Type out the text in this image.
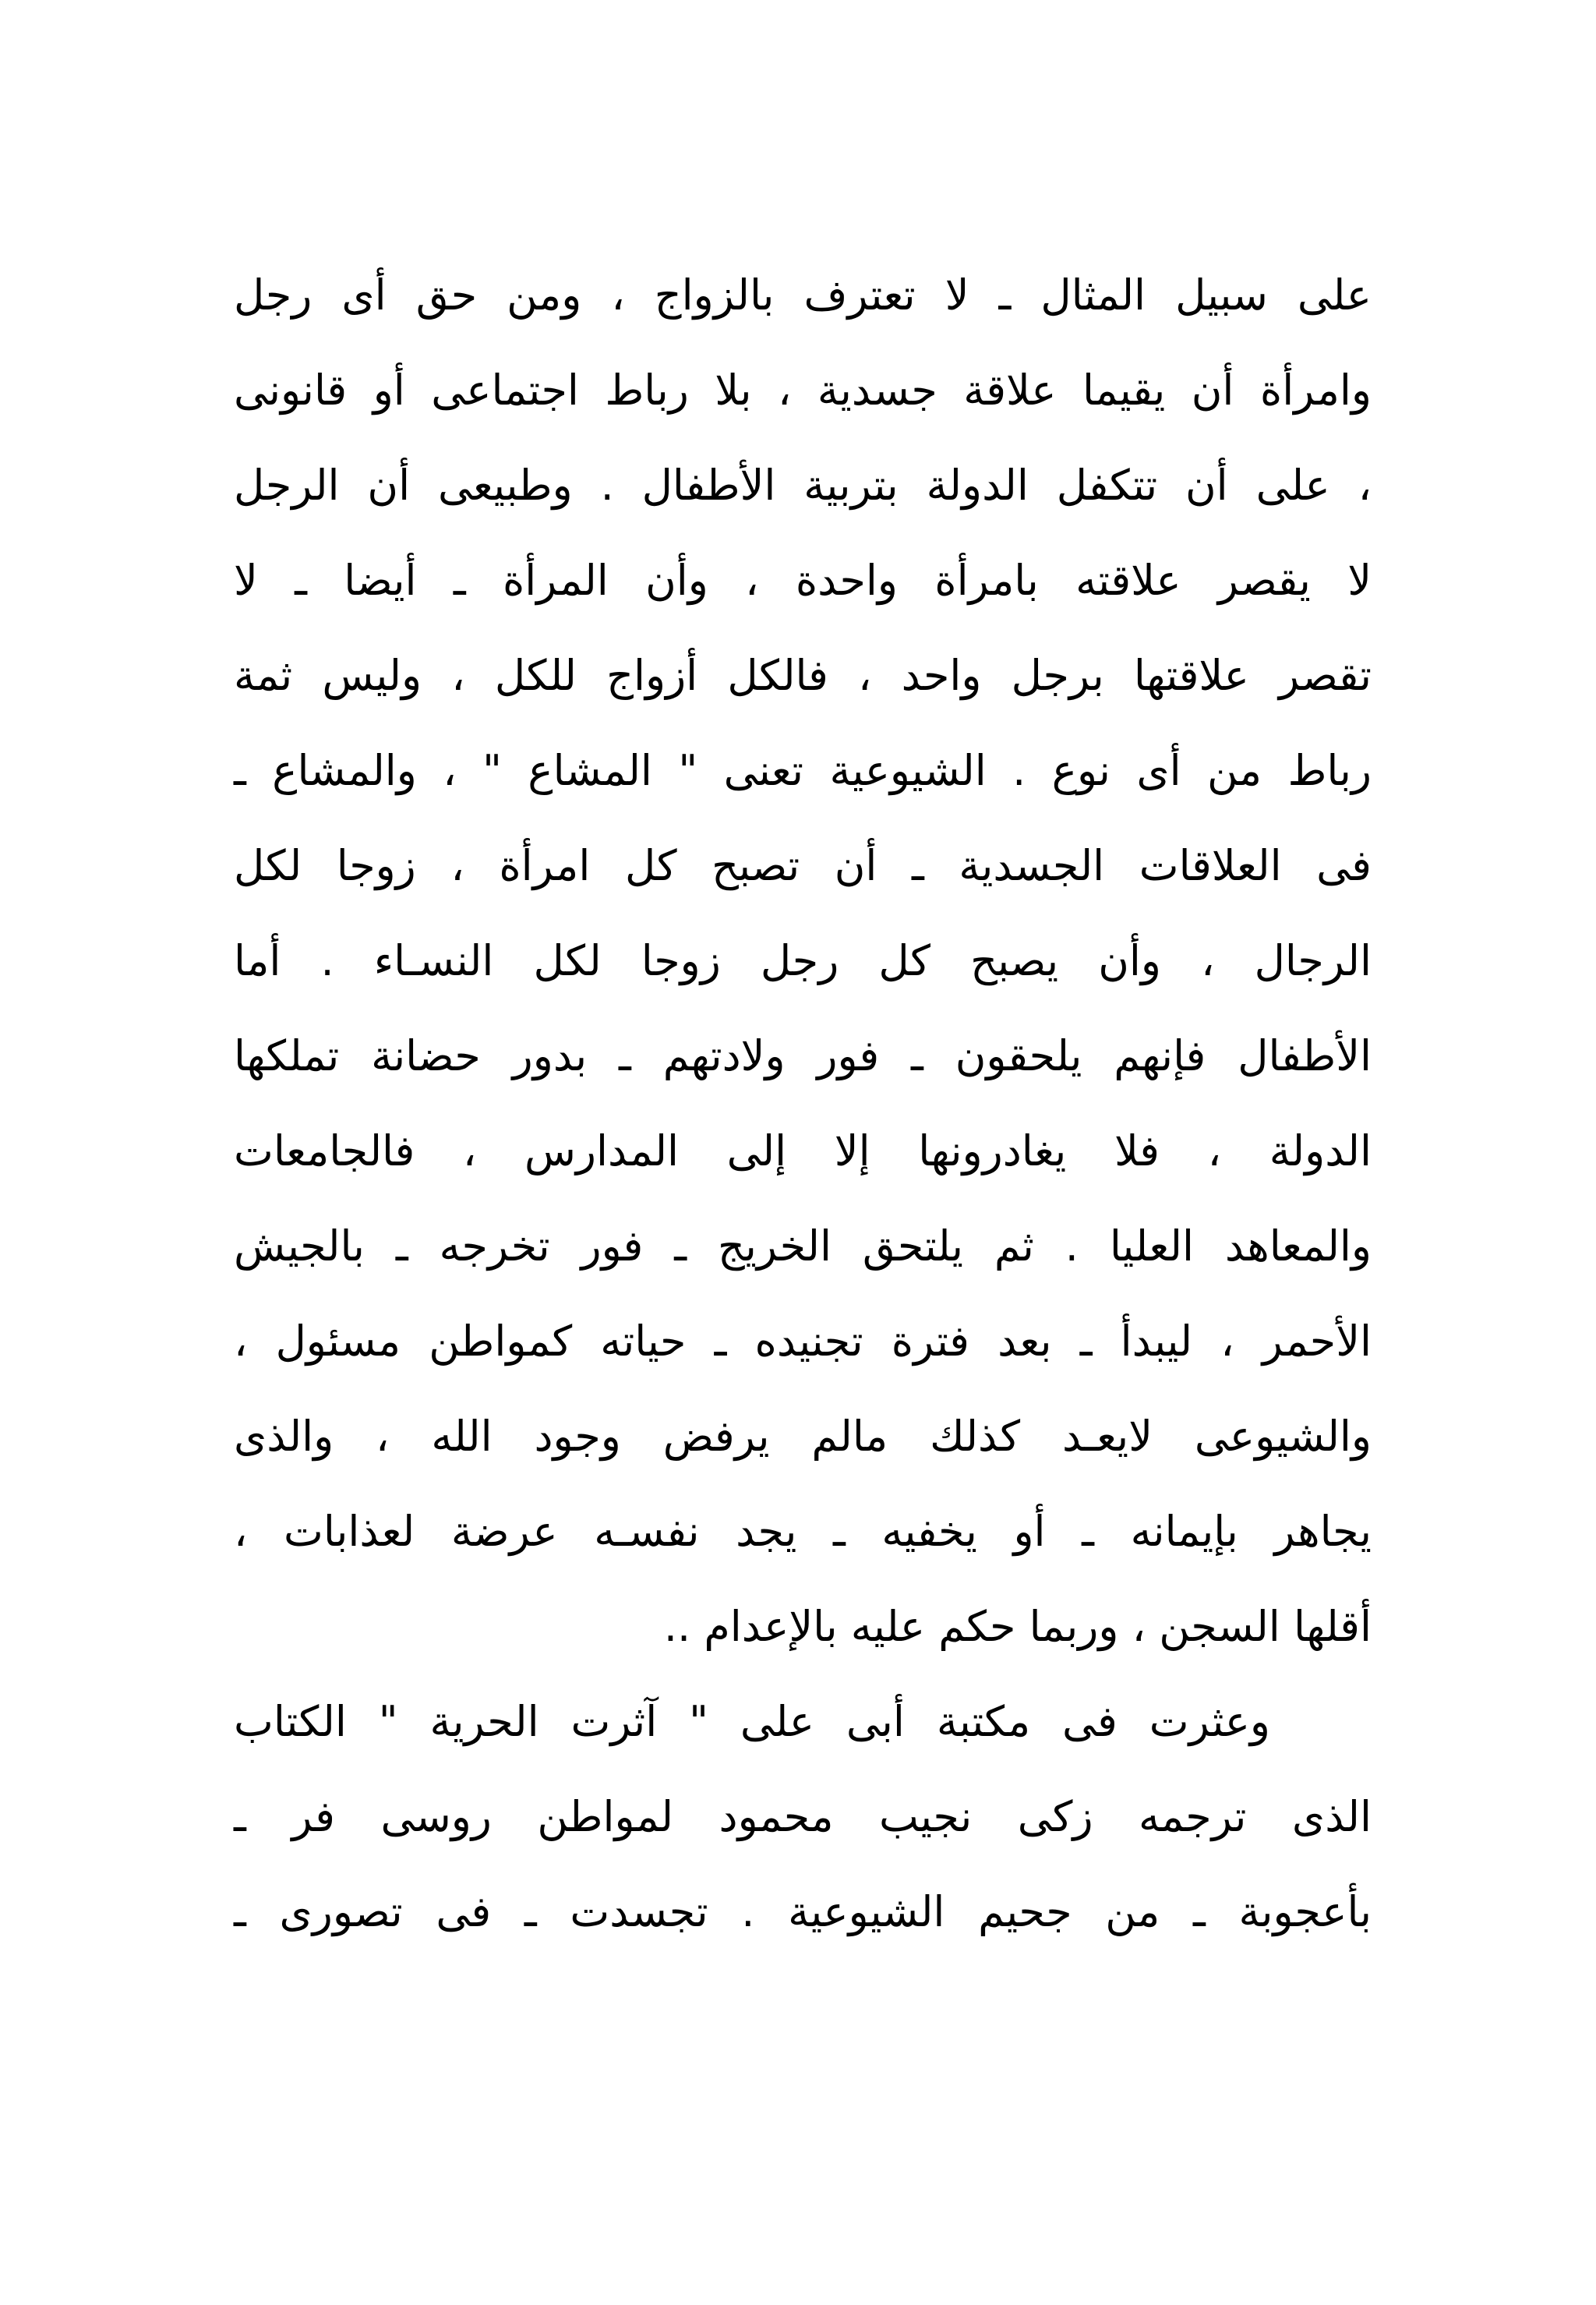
على سبيل المثال ـ لا تعترف بالزواج ، ومن حق أى رجل
وامرأة أن يقيما علاقة جسدية ، بلا رباط اجتماعى أو قانونى
، على أن تتكفل الدولة بتربية الأطفال . وطبيعى أن الرجل
لا يقصر علاقته بامرأة واحدة ، وأن المرأة ـ أيضا ـ لا
تقصر علاقتها برجل واحد ، فالكل أزواج للكل ، وليس ثمة
رباط من أى نوع . الشيوعية تعنى " المشاع " ، والمشاع ـ
فى العلاقات الجسدية ـ أن تصبح كل امرأة ، زوجا لكل
الرجال ، وأن يصبح كل رجل زوجا لكل النسـاء . أما
الأطفال فإنهم يلحقون ـ فور ولادتهم ـ بدور حضانة تملكها
الدولة ، فلا يغادرونها إلا إلى المدارس ، فالجامعات
والمعاهد العليا . ثم يلتحق الخريج ـ فور تخرجه ـ بالجيش
الأحمر ، ليبدأ ـ بعد فترة تجنيده ـ حياته كمواطن مسئول ،
والشيوعى لايعـد كذلك مالم يرفض وجود الله ، والذى
يجاهر بإيمانه ـ أو يخفيه ـ يجد نفسـه عرضة لعذابات ،
أقلها السجن ، وربما حكم عليه بالإعدام ..
وعثرت فى مكتبة أبى على " آثرت الحرية " الكتاب
الذى ترجمه زكى نجيب محمود لمواطن روسى فر ـ
بأعجوبة ـ من جحيم الشيوعية . تجسدت ـ فى تصورى ـ
